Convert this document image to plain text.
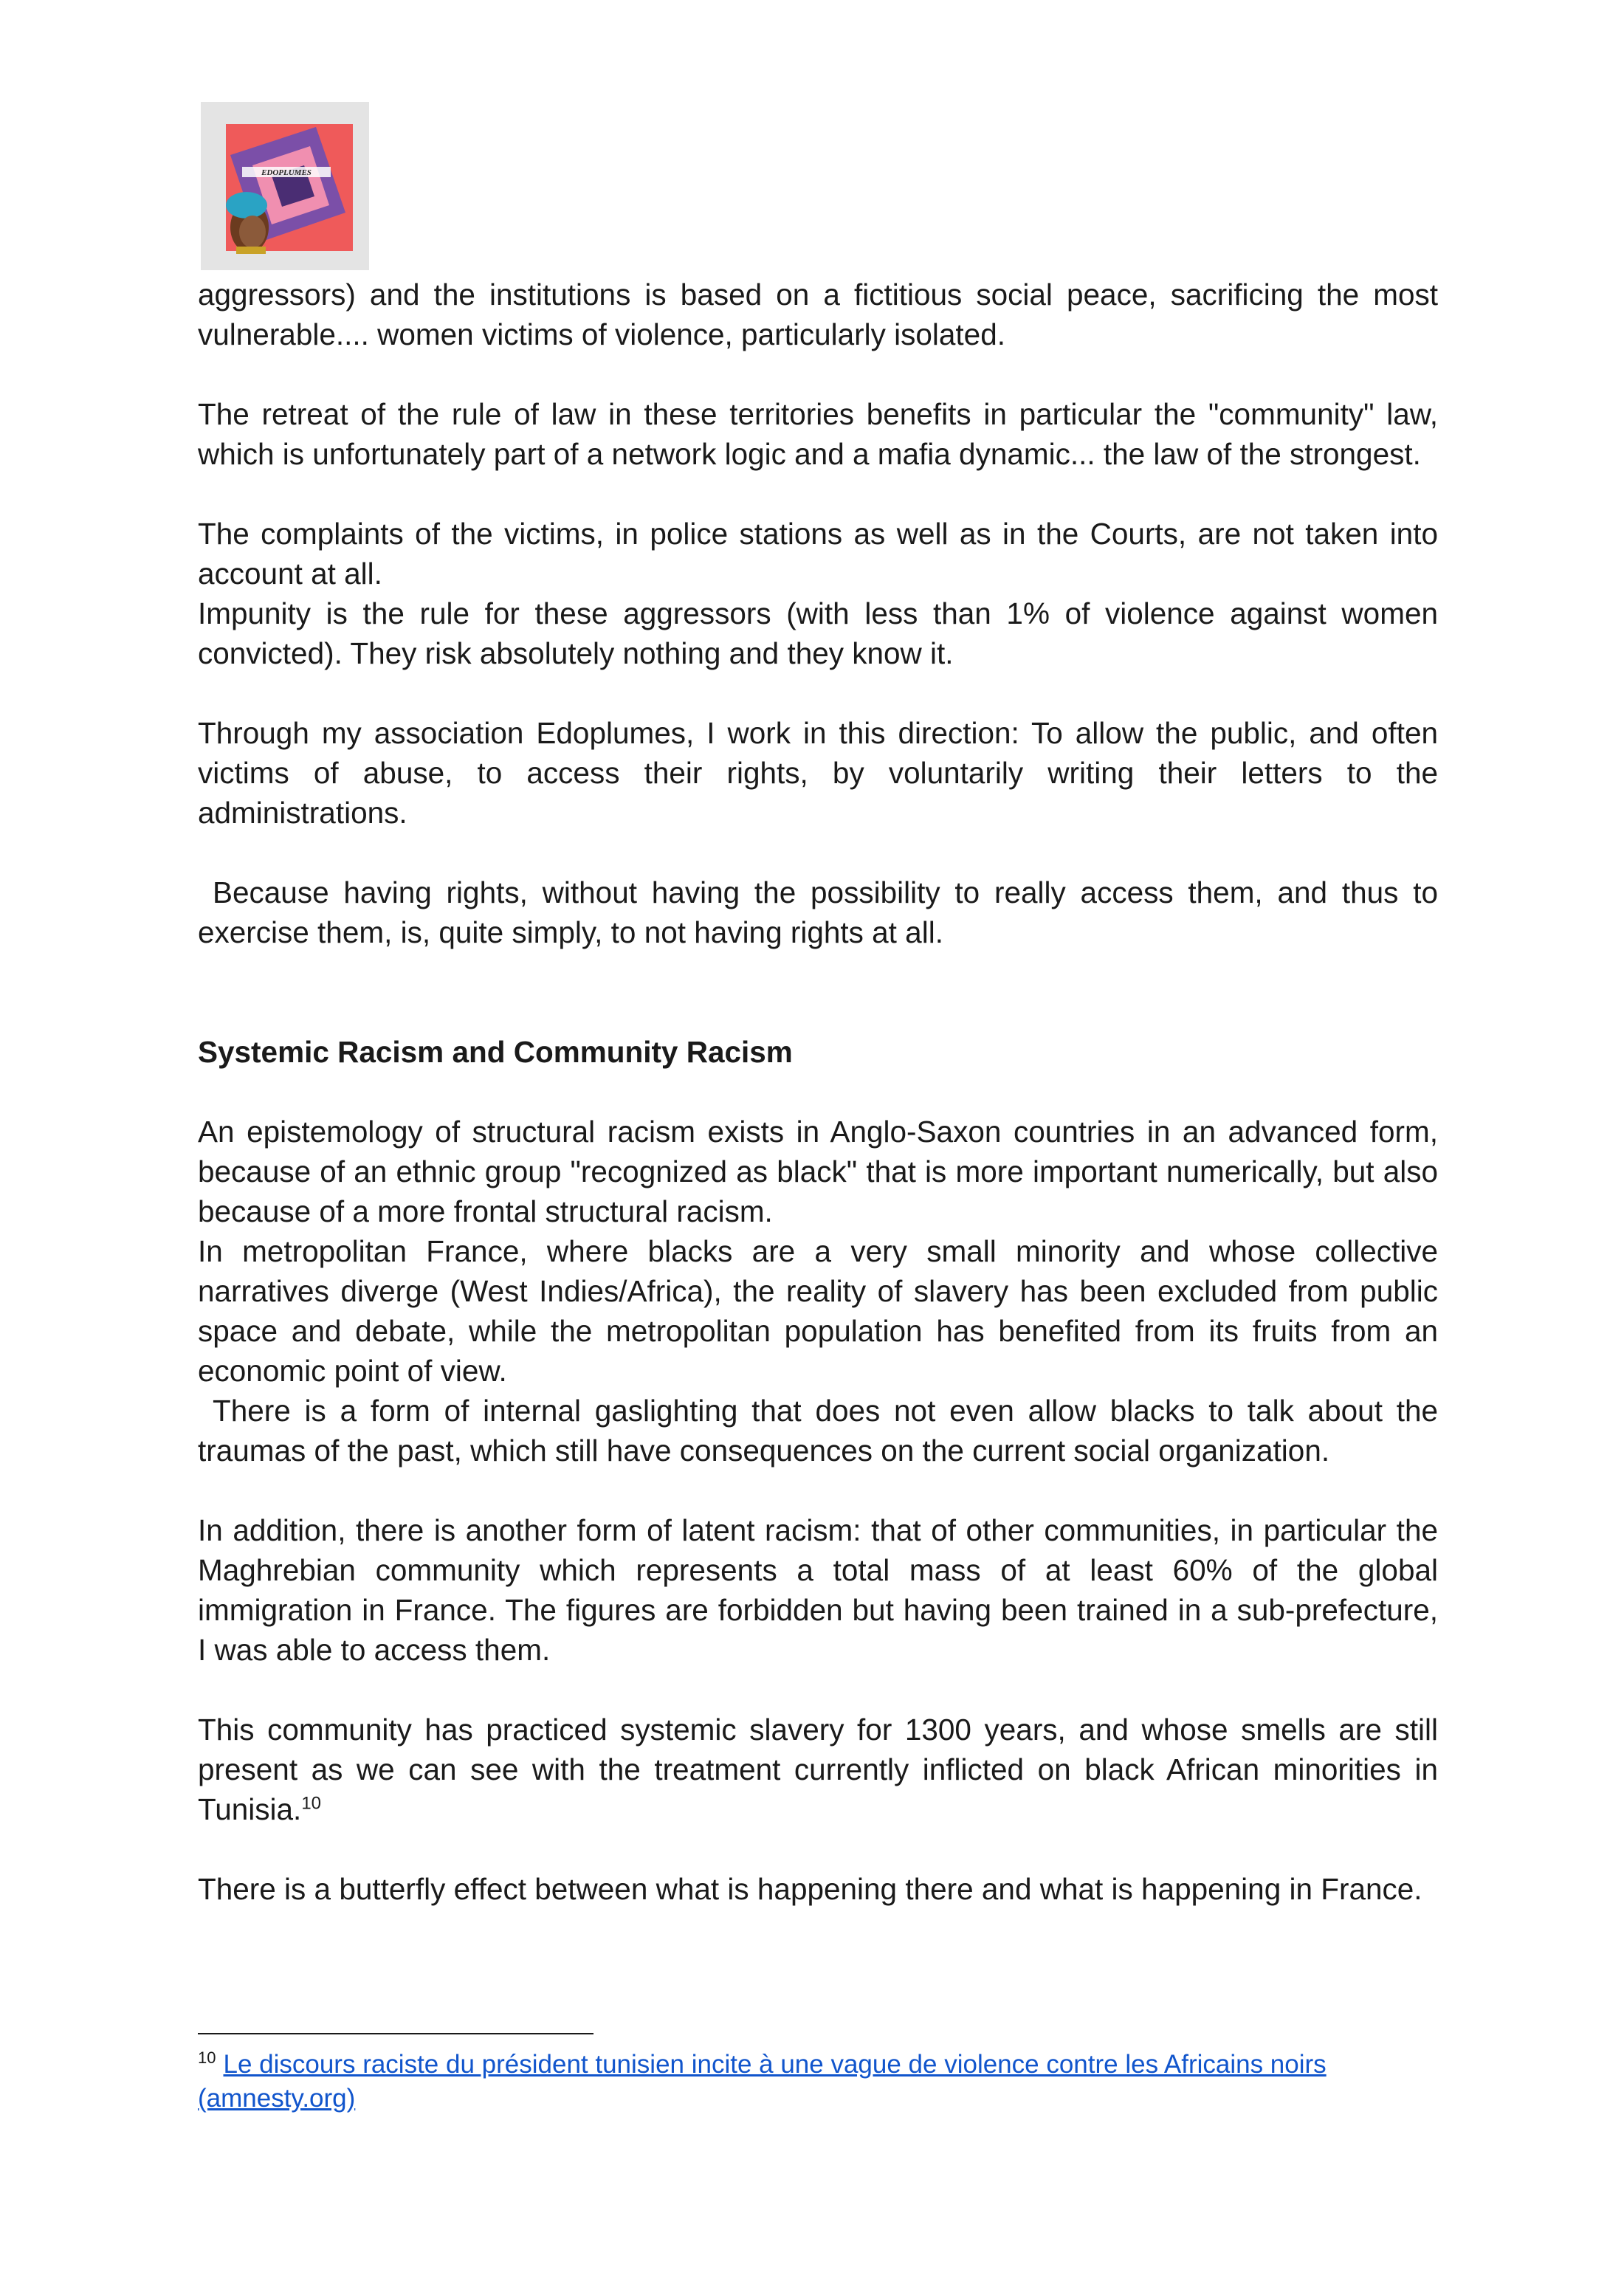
EDOPLUMES

aggressors) and the institutions is based on a fictitious social peace, sacrificing the most vulnerable.... women victims of violence, particularly isolated.

The retreat of the rule of law in these territories benefits in particular the "community" law, which is unfortunately part of a network logic and a mafia dynamic... the law of the strongest.

The complaints of the victims, in police stations as well as in the Courts, are not taken into account at all.

Impunity is the rule for these aggressors (with less than 1% of violence against women convicted). They risk absolutely nothing and they know it.

Through my association Edoplumes, I work in this direction: To allow the public, and often victims of abuse, to access their rights, by voluntarily writing their letters to the administrations.

Because having rights, without having the possibility to really access them, and thus to exercise them, is, quite simply, to not having rights at all.

Systemic Racism and Community Racism

An epistemology of structural racism exists in Anglo-Saxon countries in an advanced form, because of an ethnic group "recognized as black" that is more important numerically, but also because of a more frontal structural racism.

In metropolitan France, where blacks are a very small minority and whose collective narratives diverge (West Indies/Africa), the reality of slavery has been excluded from public space and debate, while the metropolitan population has benefited from its fruits from an economic point of view.

There is a form of internal gaslighting that does not even allow blacks to talk about the traumas of the past, which still have consequences on the current social organization.

In addition, there is another form of latent racism: that of other communities, in particular the Maghrebian community which represents a total mass of at least 60% of the global immigration in France. The figures are forbidden but having been trained in a sub-prefecture, I was able to access them.

This community has practiced systemic slavery for 1300 years, and whose smells are still present as we can see with the treatment currently inflicted on black African minorities in Tunisia.$^{10}$

There is a butterfly effect between what is happening there and what is happening in France.

$^{10}$ Le discours raciste du président tunisien incite à une vague de violence contre les Africains noirs (amnesty.org)
